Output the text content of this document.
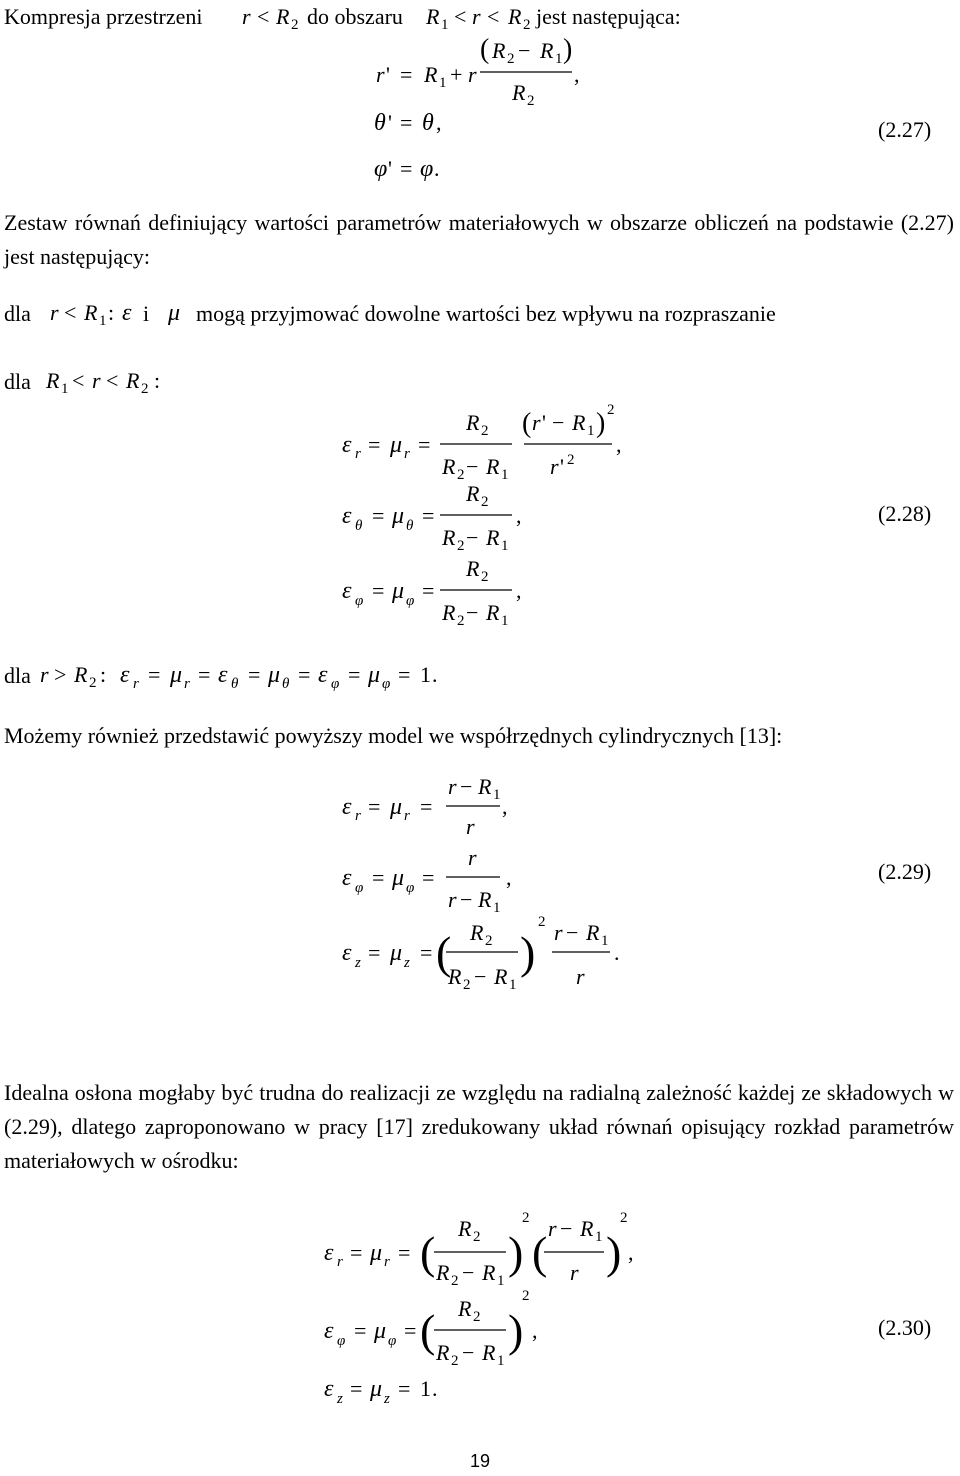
Kompresja przestrzeni	do obszaru	jest następująca:
Zestaw równań definiujący wartości parametrów materiałowych w obszarze obliczeń na podstawie (2.27) jest następujący:
dla	i mogą przyjmować dowolne wartości bez wpływu na rozpraszanie
dla
dla
Możemy również przedstawić powyższy model we współrzędnych cylindrycznych [13]:
Idealna osłona mogłaby być trudna do realizacji ze względu na radialną zależność każdej ze składowych w (2.29), dlatego zaproponowano w pracy [17] zredukowany układ równań opisujący rozkład parametrów materiałowych w ośrodku:
(2.27)
(2.28)
(2.29)
(2.30)
19
r < R 2	R 1 < r < R 2
r ' = R 1 + r
( R 2 − R 1 )
R 2
,
θ ' = θ ,
φ ' = φ .
r < R 1 : ε μ
R 1 < r < R 2 :
ε r = μ r =
R 2
R 2 − R 1
( r ' − R 1 ) 2
r ' 2
,
ε θ = μ θ =
R 2
R 2 − R 1
,
ε φ = μ φ =
R 2
R 2 − R 1
,
r > R 2 : ε r = μ r = ε θ = μ θ = ε φ = μ φ = 1 .
ε r = μ r =
r − R 1
r
,
ε φ = μ φ =
r
r − R 1
,
ε z = μ z = ( R 2
R 2 − R 1
)
2 r − R 1
r
.
ε r = μ r = ( R 2
R 2 − R 1
)
2
( r − R 1
r )
2
,
ε φ = μ φ = ( R 2
R 2 − R 1
)
2
,
ε z = μ z = 1 .
